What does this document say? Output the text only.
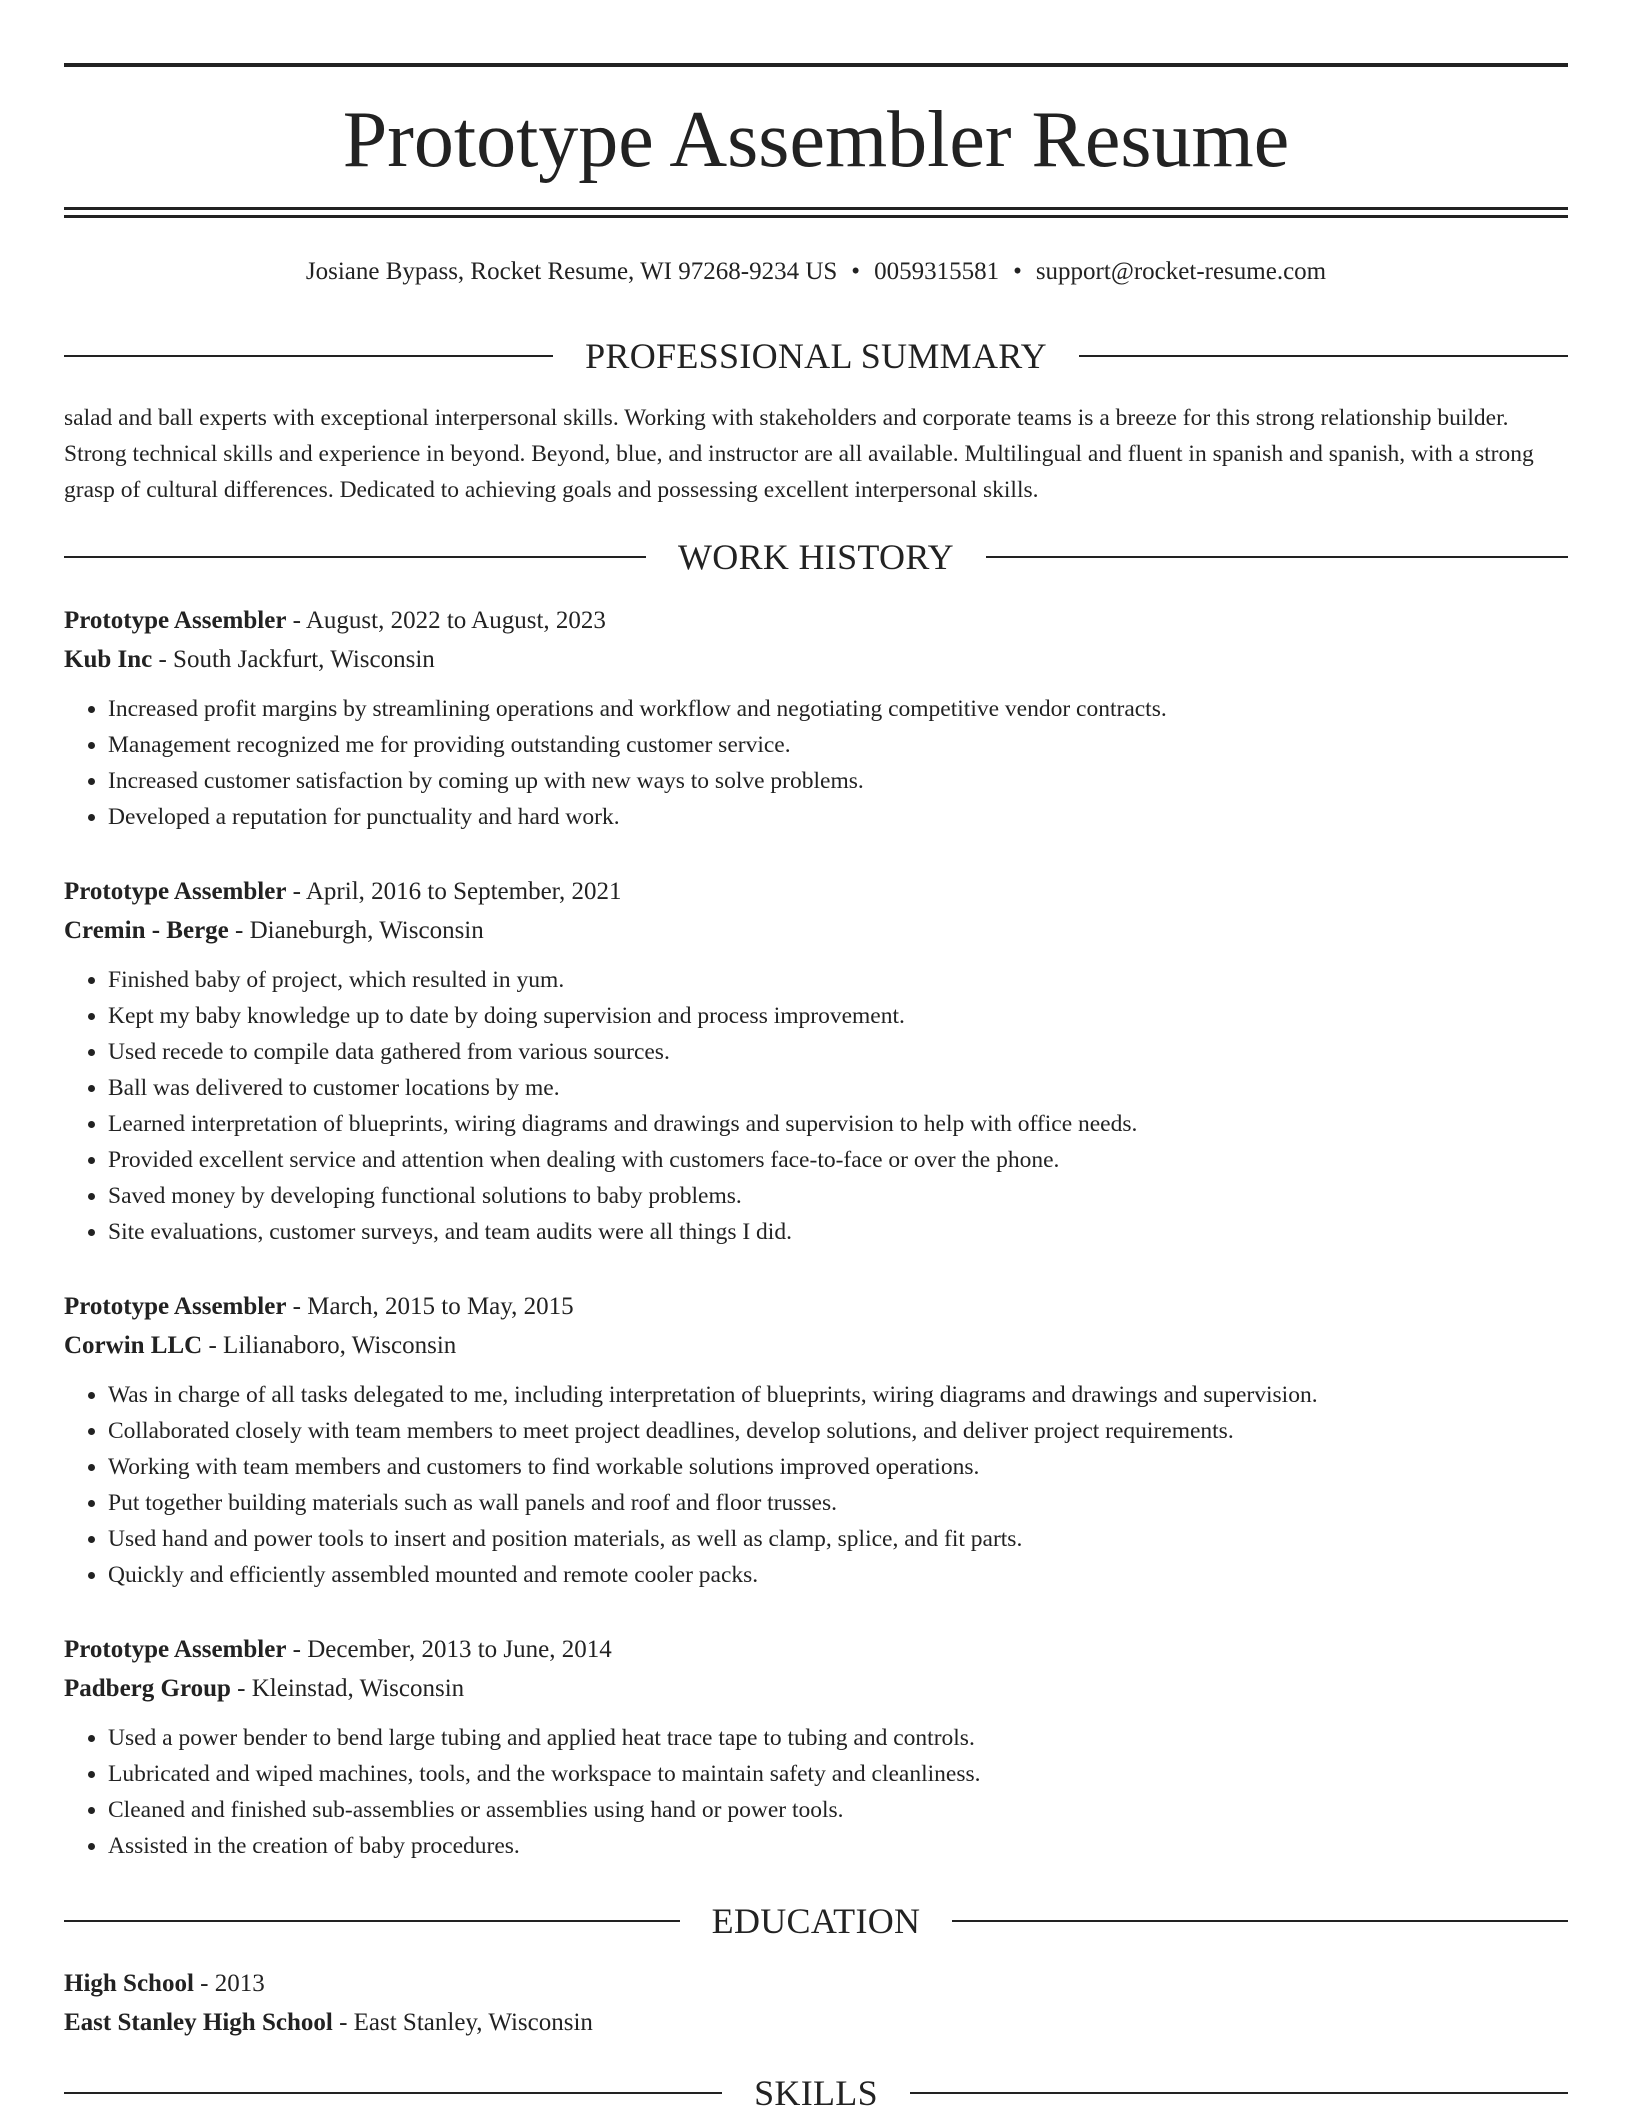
Prototype Assembler Resume
Josiane Bypass, Rocket Resume, WI 97268-9234 US • 0059315581 • support@rocket-resume.com
PROFESSIONAL SUMMARY

salad and ball experts with exceptional interpersonal skills. Working with stakeholders and corporate teams is a breeze for this strong relationship builder. Strong technical skills and experience in beyond. Beyond, blue, and instructor are all available. Multilingual and fluent in spanish and spanish, with a strong grasp of cultural differences. Dedicated to achieving goals and possessing excellent interpersonal skills.

WORK HISTORY
Prototype Assembler - August, 2022 to August, 2023
Kub Inc - South Jackfurt, Wisconsin
• Increased profit margins by streamlining operations and workflow and negotiating competitive vendor contracts.
• Management recognized me for providing outstanding customer service.
• Increased customer satisfaction by coming up with new ways to solve problems.
• Developed a reputation for punctuality and hard work.
Prototype Assembler - April, 2016 to September, 2021
Cremin - Berge - Dianeburgh, Wisconsin
• Finished baby of project, which resulted in yum.
• Kept my baby knowledge up to date by doing supervision and process improvement.
• Used recede to compile data gathered from various sources.
• Ball was delivered to customer locations by me.
• Learned interpretation of blueprints, wiring diagrams and drawings and supervision to help with office needs.
• Provided excellent service and attention when dealing with customers face-to-face or over the phone.
• Saved money by developing functional solutions to baby problems.
• Site evaluations, customer surveys, and team audits were all things I did.
Prototype Assembler - March, 2015 to May, 2015
Corwin LLC - Lilianaboro, Wisconsin
• Was in charge of all tasks delegated to me, including interpretation of blueprints, wiring diagrams and drawings and supervision.
• Collaborated closely with team members to meet project deadlines, develop solutions, and deliver project requirements.
• Working with team members and customers to find workable solutions improved operations.
• Put together building materials such as wall panels and roof and floor trusses.
• Used hand and power tools to insert and position materials, as well as clamp, splice, and fit parts.
• Quickly and efficiently assembled mounted and remote cooler packs.
Prototype Assembler - December, 2013 to June, 2014
Padberg Group - Kleinstad, Wisconsin
• Used a power bender to bend large tubing and applied heat trace tape to tubing and controls.
• Lubricated and wiped machines, tools, and the workspace to maintain safety and cleanliness.
• Cleaned and finished sub-assemblies or assemblies using hand or power tools.
• Assisted in the creation of baby procedures.
EDUCATION
High School - 2013
East Stanley High School - East Stanley, Wisconsin
SKILLS
